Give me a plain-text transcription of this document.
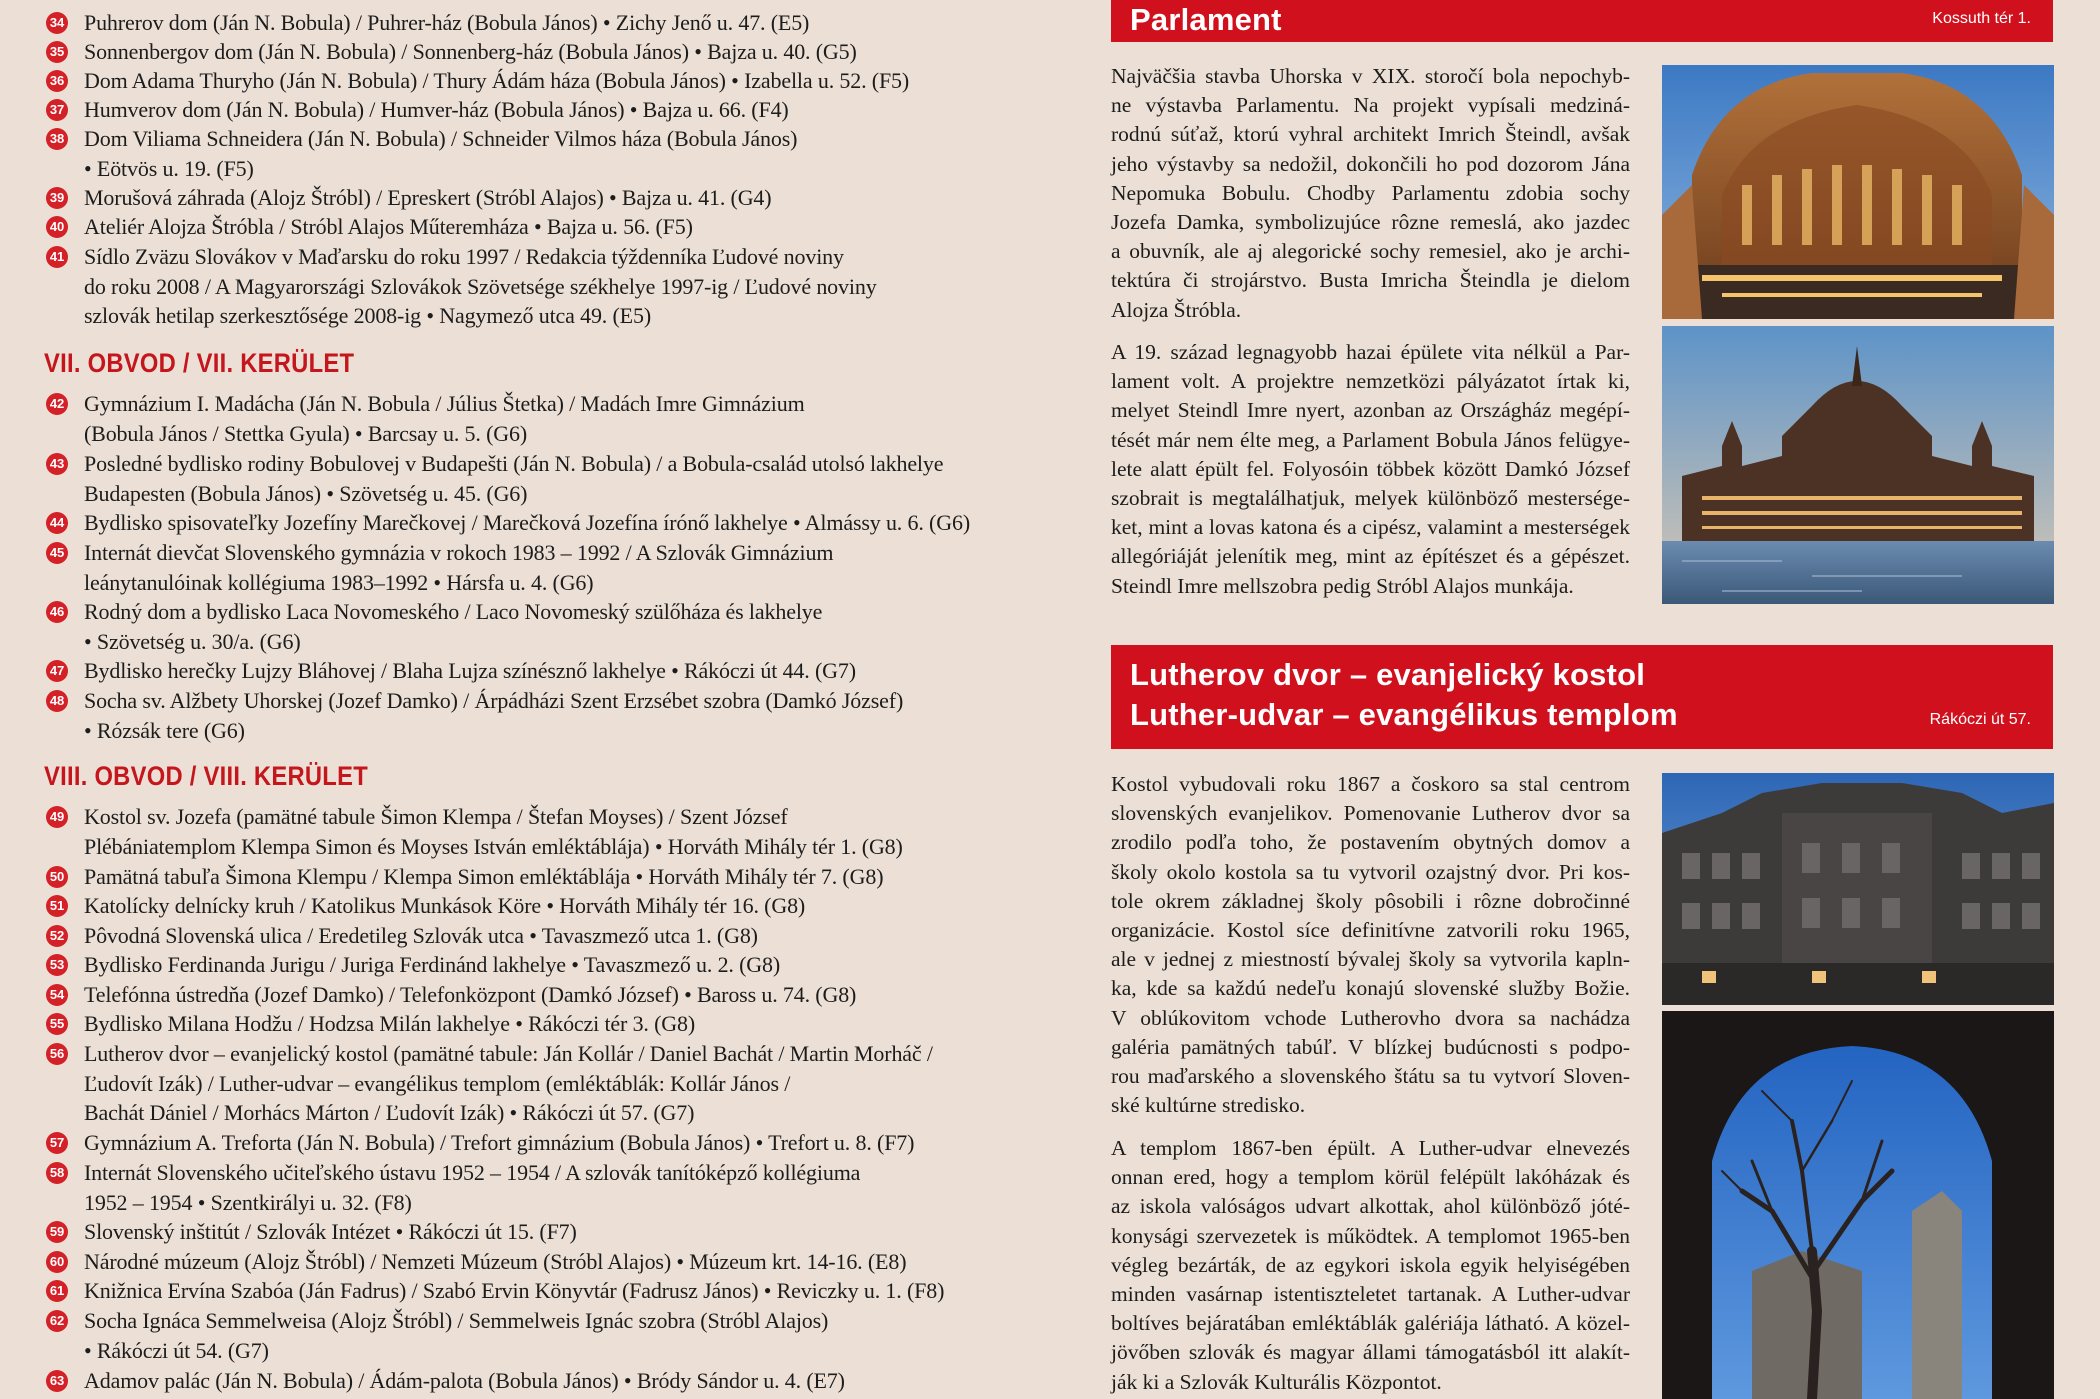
34 Puhrerov dom (Ján N. Bobula) / Puhrer-ház (Bobula János) • Zichy Jenő u. 47. (E5)
35 Sonnenbergov dom (Ján N. Bobula) / Sonnenberg-ház (Bobula János) • Bajza u. 40. (G5)
36 Dom Adama Thuryho (Ján N. Bobula) / Thury Ádám háza (Bobula János) • Izabella u. 52. (F5)
37 Humverov dom (Ján N. Bobula) / Humver-ház (Bobula János) • Bajza u. 66. (F4)
38 Dom Viliama Schneidera (Ján N. Bobula) / Schneider Vilmos háza (Bobula János)
• Eötvös u. 19. (F5)
39 Morušová záhrada (Alojz Štróbl) / Epreskert (Stróbl Alajos) • Bajza u. 41. (G4)
40 Ateliér Alojza Štróbla / Stróbl Alajos Műteremháza • Bajza u. 56. (F5)
41 Sídlo Zväzu Slovákov v Maďarsku do roku 1997 / Redakcia týždenníka Ľudové noviny
do roku 2008 / A Magyarországi Szlovákok Szövetsége székhelye 1997-ig / Ľudové noviny
szlovák hetilap szerkesztősége 2008-ig • Nagymező utca 49. (E5)
VII. OBVOD / VII. KERÜLET
42 Gymnázium I. Madácha (Ján N. Bobula / Július Štetka) / Madách Imre Gimnázium
(Bobula János / Stettka Gyula) • Barcsay u. 5. (G6)
43 Posledné bydlisko rodiny Bobulovej v Budapešti (Ján N. Bobula) / a Bobula-család utolsó lakhelye
Budapesten (Bobula János) • Szövetség u. 45. (G6)
44 Bydlisko spisovateľky Jozefíny Marečkovej / Marečková Jozefína írónő lakhelye • Almássy u. 6. (G6)
45 Internát dievčat Slovenského gymnázia v rokoch 1983 – 1992 / A Szlovák Gimnázium
leánytanulóinak kollégiuma 1983–1992 • Hársfa u. 4. (G6)
46 Rodný dom a bydlisko Laca Novomeského / Laco Novomeský szülőháza és lakhelye
• Szövetség u. 30/a. (G6)
47 Bydlisko herečky Lujzy Bláhovej / Blaha Lujza színésznő lakhelye • Rákóczi út 44. (G7)
48 Socha sv. Alžbety Uhorskej (Jozef Damko) / Árpádházi Szent Erzsébet szobra (Damkó József)
• Rózsák tere (G6)
VIII. OBVOD / VIII. KERÜLET
49 Kostol sv. Jozefa (pamätné tabule Šimon Klempa / Štefan Moyses) / Szent József
Plébániatemplom Klempa Simon és Moyses István emléktáblája) • Horváth Mihály tér 1. (G8)
50 Pamätná tabuľa Šimona Klempu / Klempa Simon emléktáblája • Horváth Mihály tér 7. (G8)
51 Katolícky delnícky kruh / Katolikus Munkások Köre • Horváth Mihály tér 16. (G8)
52 Pôvodná Slovenská ulica / Eredetileg Szlovák utca • Tavaszmező utca 1. (G8)
53 Bydlisko Ferdinanda Jurigu / Juriga Ferdinánd lakhelye • Tavaszmező u. 2. (G8)
54 Telefónna ústredňa (Jozef Damko) / Telefonközpont (Damkó József) • Baross u. 74. (G8)
55 Bydlisko Milana Hodžu / Hodzsa Milán lakhelye • Rákóczi tér 3. (G8)
56 Lutherov dvor – evanjelický kostol (pamätné tabule: Ján Kollár / Daniel Bachát / Martin Morháč /
Ľudovít Izák) / Luther-udvar – evangélikus templom (emléktáblák: Kollár János /
Bachát Dániel / Morhács Márton / Ľudovít Izák) • Rákóczi út 57. (G7)
57 Gymnázium A. Treforta (Ján N. Bobula) / Trefort gimnázium (Bobula János) • Trefort u. 8. (F7)
58 Internát Slovenského učiteľského ústavu 1952 – 1954 / A szlovák tanítóképző kollégiuma
1952 – 1954 • Szentkirályi u. 32. (F8)
59 Slovenský inštitút / Szlovák Intézet • Rákóczi út 15. (F7)
60 Národné múzeum (Alojz Štróbl) / Nemzeti Múzeum (Stróbl Alajos) • Múzeum krt. 14-16. (E8)
61 Knižnica Ervína Szabóa (Ján Fadrus) / Szabó Ervin Könyvtár (Fadrusz János) • Reviczky u. 1. (F8)
62 Socha Ignáca Semmelweisa (Alojz Štróbl) / Semmelweis Ignác szobra (Stróbl Alajos)
• Rákóczi út 54. (G7)
63 Adamov palác (Ján N. Bobula) / Ádám-palota (Bobula János) • Bródy Sándor u. 4. (E7)
Parlament	Kossuth tér 1.
Najväčšia stavba Uhorska v XIX. storočí bola nepochyb-
ne výstavba Parlamentu. Na projekt vypísali medziná-
rodnú súťaž, ktorú vyhral architekt Imrich Šteindl, avšak
jeho výstavby sa nedožil, dokončili ho pod dozorom Jána
Nepomuka Bobulu. Chodby Parlamentu zdobia sochy
Jozefa Damka, symbolizujúce rôzne remeslá, ako jazdec
a obuvník, ale aj alegorické sochy remesiel, ako je archi-
tektúra či strojárstvo. Busta Imricha Šteindla je dielom
Alojza Štróbla.
A 19. század legnagyobb hazai épülete vita nélkül a Par-
lament volt. A projektre nemzetközi pályázatot írtak ki,
melyet Steindl Imre nyert, azonban az Országház megépí-
tését már nem élte meg, a Parlament Bobula János felügye-
lete alatt épült fel. Folyosóin többek között Damkó József
szobrait is megtalálhatjuk, melyek különböző mestersége-
ket, mint a lovas katona és a cipész, valamint a mesterségek
allegóriáját jelenítik meg, mint az építészet és a gépészet.
Steindl Imre mellszobra pedig Stróbl Alajos munkája.
Lutherov dvor – evanjelický kostol
Luther-udvar – evangélikus templom	Rákóczi út 57.
Kostol vybudovali roku 1867 a čoskoro sa stal centrom
slovenských evanjelikov. Pomenovanie Lutherov dvor sa
zrodilo podľa toho, že postavením obytných domov a
školy okolo kostola sa tu vytvoril ozajstný dvor. Pri kos-
tole okrem základnej školy pôsobili i rôzne dobročinné
organizácie. Kostol síce definitívne zatvorili roku 1965,
ale v jednej z miestností bývalej školy sa vytvorila kapln-
ka, kde sa každú nedeľu konajú slovenské služby Božie.
V oblúkovitom vchode Lutherovho dvora sa nachádza
galéria pamätných tabúľ. V blízkej budúcnosti s podpo-
rou maďarského a slovenského štátu sa tu vytvorí Sloven-
ské kultúrne stredisko.
A templom 1867-ben épült. A Luther-udvar elnevezés
onnan ered, hogy a templom körül felépült lakóházak és
az iskola valóságos udvart alkottak, ahol különböző jóté-
konysági szervezetek is működtek. A templomot 1965-ben
végleg bezárták, de az egykori iskola egyik helyiségében
minden vasárnap istentiszteletet tartanak. A Luther-udvar
boltíves bejáratában emléktáblák galériája látható. A közel-
jövőben szlovák és magyar állami támogatásból itt alakít-
ják ki a Szlovák Kulturális Központot.
